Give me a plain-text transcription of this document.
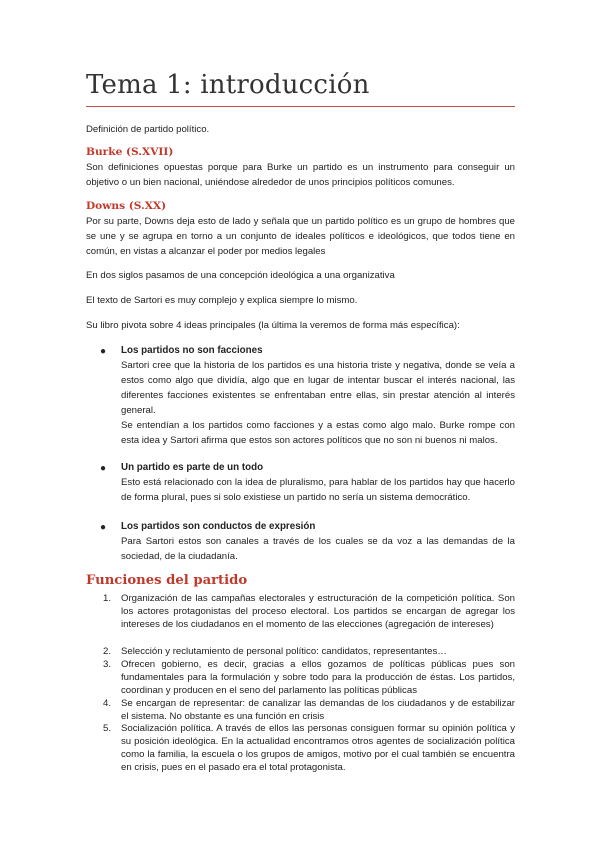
Tema 1: introducción

Definición de partido político.

Burke (S.XVII)

Son definiciones opuestas porque para Burke un partido es un instrumento para conseguir un objetivo o un bien nacional, uniéndose alrededor de unos principios políticos comunes.

Downs (S.XX)

Por su parte, Downs deja esto de lado y señala que un partido político es un grupo de hombres que se une y se agrupa en torno a un conjunto de ideales políticos e ideológicos, que todos tiene en común, en vistas a alcanzar el poder por medios legales

En dos siglos pasamos de una concepción ideológica a una organizativa

El texto de Sartori es muy complejo y explica siempre lo mismo.

Su libro pivota sobre 4 ideas principales (la última la veremos de forma más específica):

● Los partidos no son facciones

Sartori cree que la historia de los partidos es una historia triste y negativa, donde se veía a estos como algo que dividía, algo que en lugar de intentar buscar el interés nacional, las diferentes facciones existentes se enfrentaban entre ellas, sin prestar atención al interés general.

Se entendían a los partidos como facciones y a estas como algo malo. Burke rompe con esta idea y Sartori afirma que estos son actores políticos que no son ni buenos ni malos.

● Un partido es parte de un todo

Esto está relacionado con la idea de pluralismo, para hablar de los partidos hay que hacerlo de forma plural, pues si solo existiese un partido no sería un sistema democrático.

● Los partidos son conductos de expresión

Para Sartori estos son canales a través de los cuales se da voz a las demandas de la sociedad, de la ciudadanía.

Funciones del partido

1. Organización de las campañas electorales y estructuración de la competición política. Son los actores protagonistas del proceso electoral. Los partidos se encargan de agregar los intereses de los ciudadanos en el momento de las elecciones (agregación de intereses)

2. Selección y reclutamiento de personal político: candidatos, representantes…

3. Ofrecen gobierno, es decir, gracias a ellos gozamos de políticas públicas pues son fundamentales para la formulación y sobre todo para la producción de éstas. Los partidos, coordinan y producen en el seno del parlamento las políticas públicas

4. Se encargan de representar: de canalizar las demandas de los ciudadanos y de estabilizar el sistema. No obstante es una función en crisis

5. Socialización política. A través de ellos las personas consiguen formar su opinión política y su posición ideológica. En la actualidad encontramos otros agentes de socialización política como la familia, la escuela o los grupos de amigos, motivo por el cual también se encuentra en crisis, pues en el pasado era el total protagonista.
